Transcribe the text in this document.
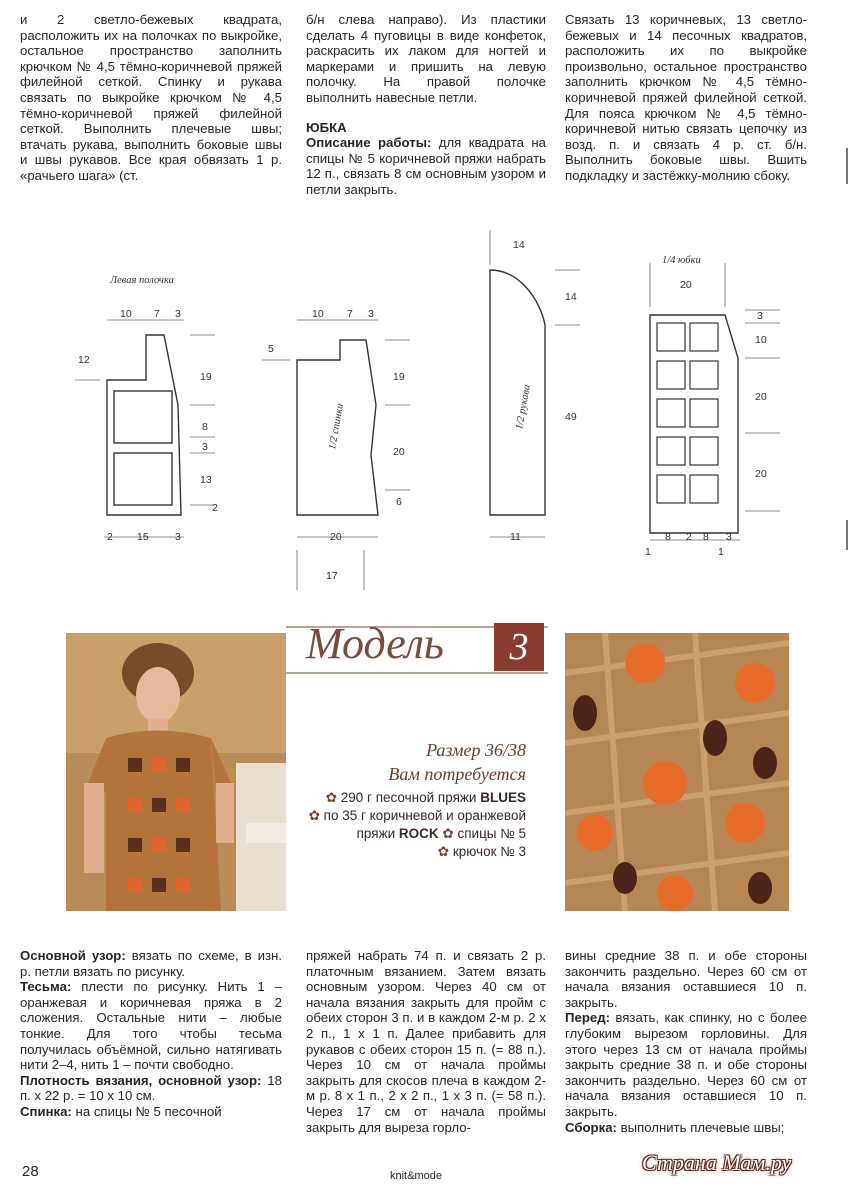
и 2 светло-бежевых квадрата, расположить их на полочках по выкройке, остальное пространство заполнить крючком № 4,5 тёмно-коричневой пряжей филейной сеткой. Спинку и рукава связать по выкройке крючком № 4,5 тёмно-коричневой пряжей филейной сеткой. Выполнить плечевые швы; втачать рукава, выполнить боковые швы и швы рукавов. Все края обвязать 1 р. «рачьего шага» (ст.

б/н слева направо). Из пластики сделать 4 пуговицы в виде конфеток, раскрасить их лаком для ногтей и маркерами и пришить на левую полочку. На правой полочке выполнить навесные петли.

ЮБКА

Описание работы: для квадрата на спицы № 5 коричневой пряжи набрать 12 п., связать 8 см основным узором и петли закрыть.

Связать 13 коричневых, 13 светло-бежевых и 14 песочных квадратов, расположить их по выкройке произвольно, остальное пространство заполнить крючком № 4,5 тёмно-коричневой пряжей филейной сеткой. Для пояса крючком № 4,5 тёмно-коричневой нитью связать цепочку из возд. п. и связать 4 р. ст. б/н. Выполнить боковые швы. Вшить подкладку и застёжку-молнию сбоку.

Левая полочка
10 7 3
12
19
8
3
13
2
2 15	3
1/2 спинки
10 7 3
5
19
20
6
20
17
1/2 рукава
14
14
49
11
1/4 юбки
20
3
10
20
20
1
8 2 8 3
1
Модель	3
Размер 36/38
Вам потребуется
✿ 290 г песочной пряжи BLUES
✿ по 35 г коричневой и оранжевой
пряжи ROCK ✿ спицы № 5
✿ крючок № 3

Основной узор: вязать по схеме, в изн. р. петли вязать по рисунку.

Тесьма: плести по рисунку. Нить 1 – оранжевая и коричневая пряжа в 2 сложения. Остальные нити – любые тонкие. Для того чтобы тесьма получилась объёмной, сильно натягивать нити 2–4, нить 1 – почти свободно.

Плотность вязания, основной узор: 18 п. х 22 р. = 10 х 10 см.

Спинка: на спицы № 5 песочной

пряжей набрать 74 п. и связать 2 р. платочным вязанием. Затем вязать основным узором. Через 40 см от начала вязания закрыть для пройм с обеих сторон 3 п. и в каждом 2-м р. 2 х 2 п., 1 х 1 п. Далее прибавить для рукавов с обеих сторон 15 п. (= 88 п.). Через 10 см от начала проймы закрыть для скосов плеча в каждом 2-м р. 8 х 1 п., 2 х 2 п., 1 х 3 п. (= 58 п.). Через 17 см от начала проймы закрыть для выреза горло-

вины средние 38 п. и обе стороны закончить раздельно. Через 60 см от начала вязания оставшиеся 10 п. закрыть.

Перед: вязать, как спинку, но с более глубоким вырезом горловины. Для этого через 13 см от начала проймы закрыть средние 38 п. и обе стороны закончить раздельно. Через 60 см от начала вязания оставшиеся 10 п. закрыть.

Сборка: выполнить плечевые швы;

28	knit&mode
Страна Мам.ру
